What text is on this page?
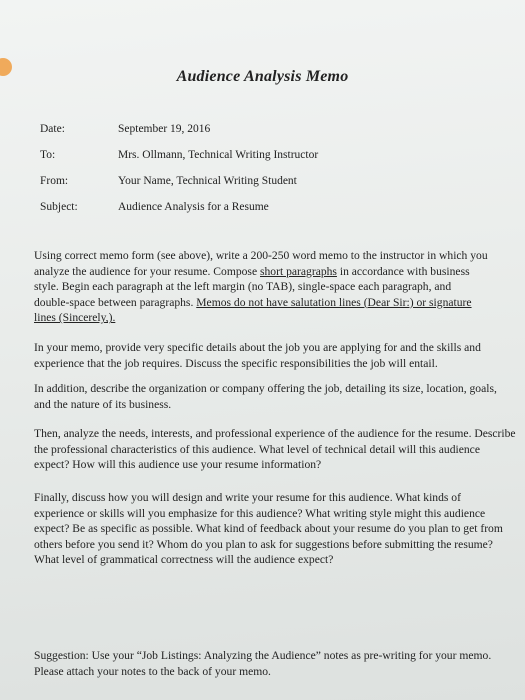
Audience Analysis Memo
Date:	September 19, 2016
To:	Mrs. Ollmann, Technical Writing Instructor
From:	Your Name, Technical Writing Student
Subject:	Audience Analysis for a Resume

Using correct memo form (see above), write a 200-250 word memo to the instructor in which you analyze the audience for your resume. Compose short paragraphs in accordance with business style. Begin each paragraph at the left margin (no TAB), single-space each paragraph, and double-space between paragraphs. Memos do not have salutation lines (Dear Sir:) or signature lines (Sincerely,).

In your memo, provide very specific details about the job you are applying for and the skills and experience that the job requires. Discuss the specific responsibilities the job will entail.

In addition, describe the organization or company offering the job, detailing its size, location, goals, and the nature of its business.

Then, analyze the needs, interests, and professional experience of the audience for the resume. Describe the professional characteristics of this audience. What level of technical detail will this audience expect? How will this audience use your resume information?

Finally, discuss how you will design and write your resume for this audience. What kinds of experience or skills will you emphasize for this audience? What writing style might this audience expect? Be as specific as possible. What kind of feedback about your resume do you plan to get from others before you send it? Whom do you plan to ask for suggestions before submitting the resume? What level of grammatical correctness will the audience expect?

Suggestion: Use your “Job Listings: Analyzing the Audience” notes as pre-writing for your memo. Please attach your notes to the back of your memo.
